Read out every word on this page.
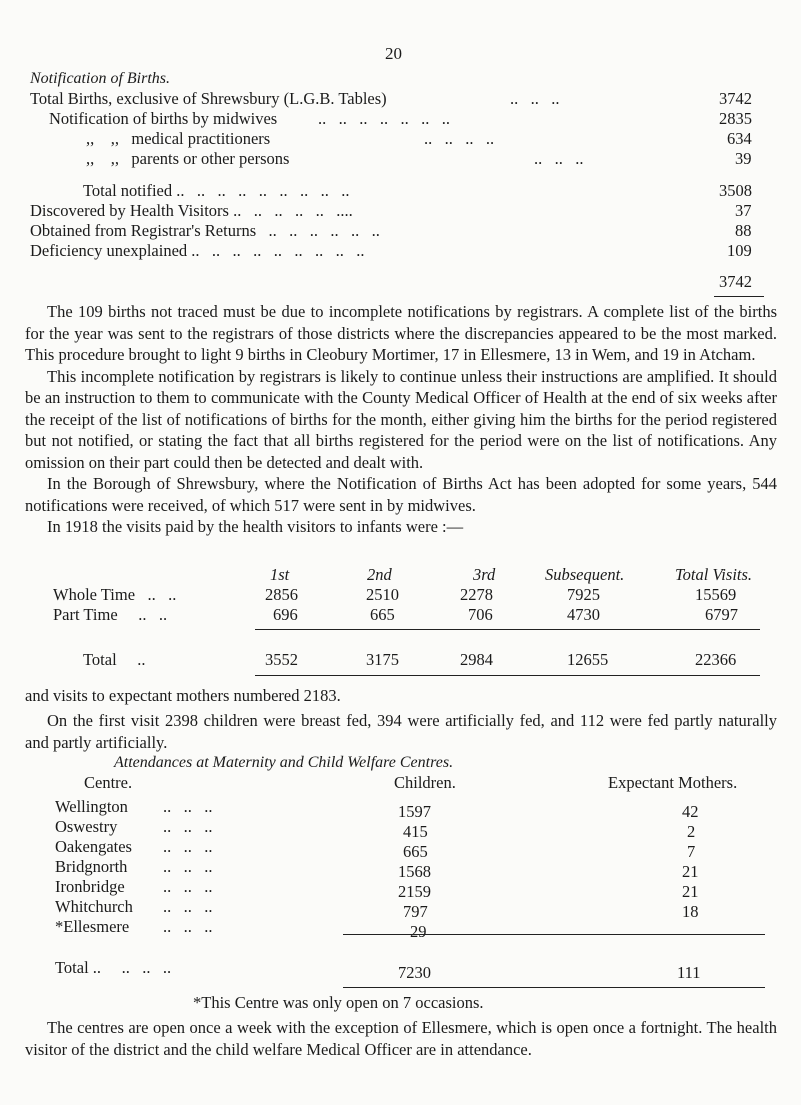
20
Notification of Births.
Total Births, exclusive of Shrewsbury (L.G.B. Tables)	..   ..   ..	3742
Notification of births by midwives ..   ..   ..   ..   ..   ..   ..	2835
,,    ,,   medical practitioners	..   ..   ..   ..	634
,,    ,,   parents or other persons	..   ..   ..	39
Total notified ..   ..   ..   ..   ..   ..   ..   ..   ..	3508
Discovered by Health Visitors ..   ..   ..   ..   ..   ....	37
Obtained from Registrar's Returns   ..   ..   ..   ..   ..   ..	88
Deficiency unexplained ..   ..   ..   ..   ..   ..   ..   ..   ..	109
3742

The 109 births not traced must be due to incomplete notifications by registrars. A complete list of the births for the year was sent to the registrars of those districts where the discrepancies appeared to be the most marked. This procedure brought to light 9 births in Cleobury Mortimer, 17 in Ellesmere, 13 in Wem, and 19 in Atcham.

This incomplete notification by registrars is likely to continue unless their instructions are amplified. It should be an instruction to them to communicate with the County Medical Officer of Health at the end of six weeks after the receipt of the list of notifications of births for the month, either giving him the births for the period registered but not notified, or stating the fact that all births registered for the period were on the list of notifications. Any omission on their part could then be detected and dealt with.

In the Borough of Shrewsbury, where the Notification of Births Act has been adopted for some years, 544 notifications were received, of which 517 were sent in by midwives.

In 1918 the visits paid by the health visitors to infants were :—

1st	2nd	3rd	Subsequent.	Total Visits.
Whole Time   ..   ..	2856	2510	2278	7925	15569
Part Time     ..   ..	696	665	706	4730	6797
Total     ..	3552	3175	2984	12655	22366
and visits to expectant mothers numbered 2183.

On the first visit 2398 children were breast fed, 394 were artificially fed, and 112 were fed partly naturally and partly artificially.

Attendances at Maternity and Child Welfare Centres.
Centre.	Children.	Expectant Mothers.
Wellington ..   ..   ..	1597	42
Oswestry	..   ..   ..	415	2
Oakengates ..   ..   ..	665	7
Bridgnorth ..   ..   ..	1568	21
Ironbridge ..   ..   ..	2159	21
Whitchurch ..   ..   ..	797	18
*Ellesmere ..   ..   ..	29
Total ..     ..   ..   ..	7230	111
*This Centre was only open on 7 occasions.

The centres are open once a week with the exception of Ellesmere, which is open once a fortnight. The health visitor of the district and the child welfare Medical Officer are in attendance.
